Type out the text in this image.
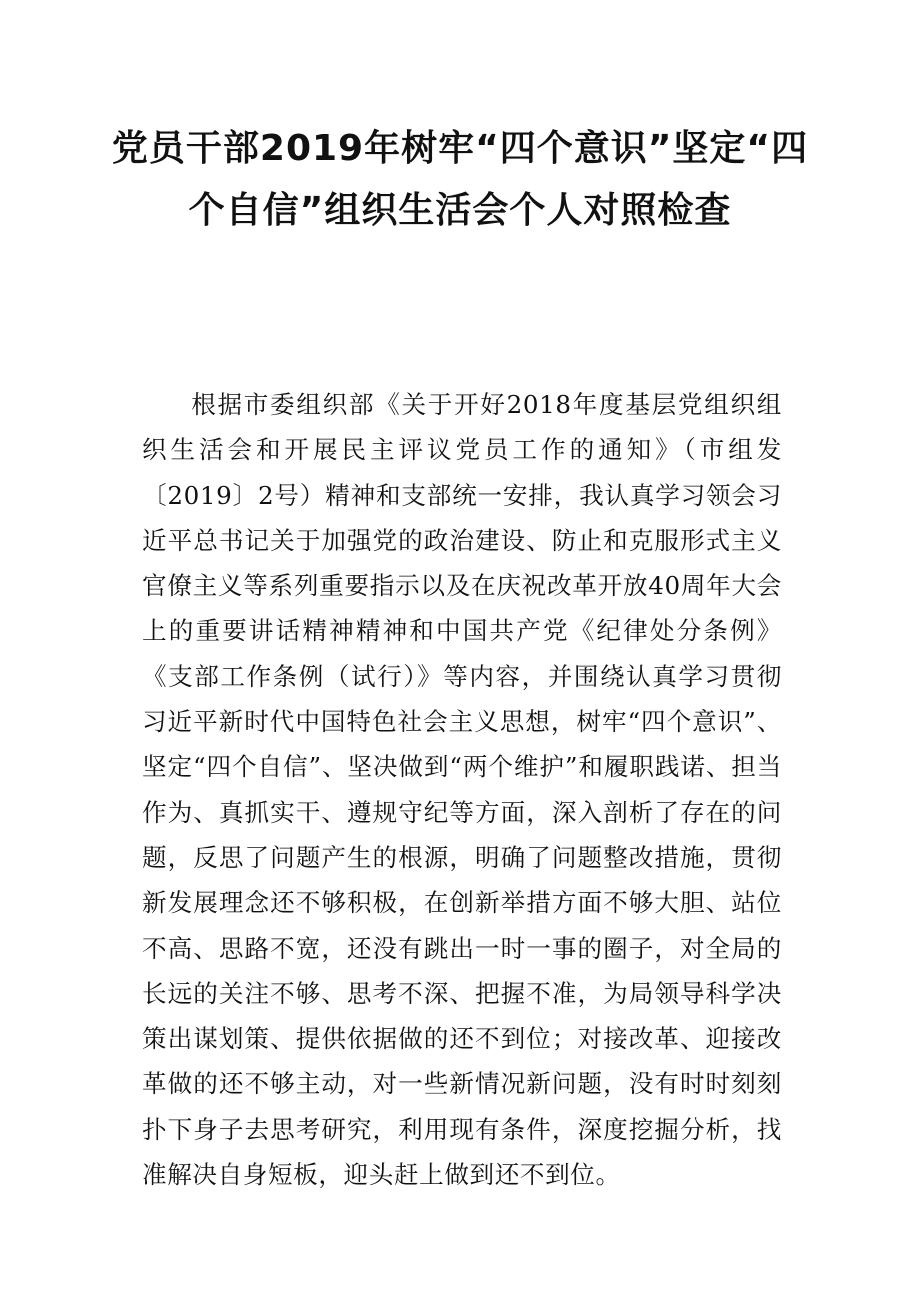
党员干部2019年树牢“四个意识”坚定“四个自信”组织生活会个人对照检查

根据市委组织部《关于开好2018年度基层党组织组织生活会和开展民主评议党员工作的通知》（市组发〔2019〕2号）精神和支部统一安排，我认真学习领会习近平总书记关于加强党的政治建设、防止和克服形式主义官僚主义等系列重要指示以及在庆祝改革开放40周年大会上的重要讲话精神精神和中国共产党《纪律处分条例》《支部工作条例（试行）》等内容，并围绕认真学习贯彻习近平新时代中国特色社会主义思想，树牢“四个意识”、坚定“四个自信”、坚决做到“两个维护”和履职践诺、担当作为、真抓实干、遵规守纪等方面，深入剖析了存在的问题，反思了问题产生的根源，明确了问题整改措施，贯彻新发展理念还不够积极，在创新举措方面不够大胆、站位不高、思路不宽，还没有跳出一时一事的圈子，对全局的长远的关注不够、思考不深、把握不准，为局领导科学决策出谋划策、提供依据做的还不到位；对接改革、迎接改革做的还不够主动，对一些新情况新问题，没有时时刻刻扑下身子去思考研究，利用现有条件，深度挖掘分析，找准解决自身短板，迎头赶上做到还不到位。
